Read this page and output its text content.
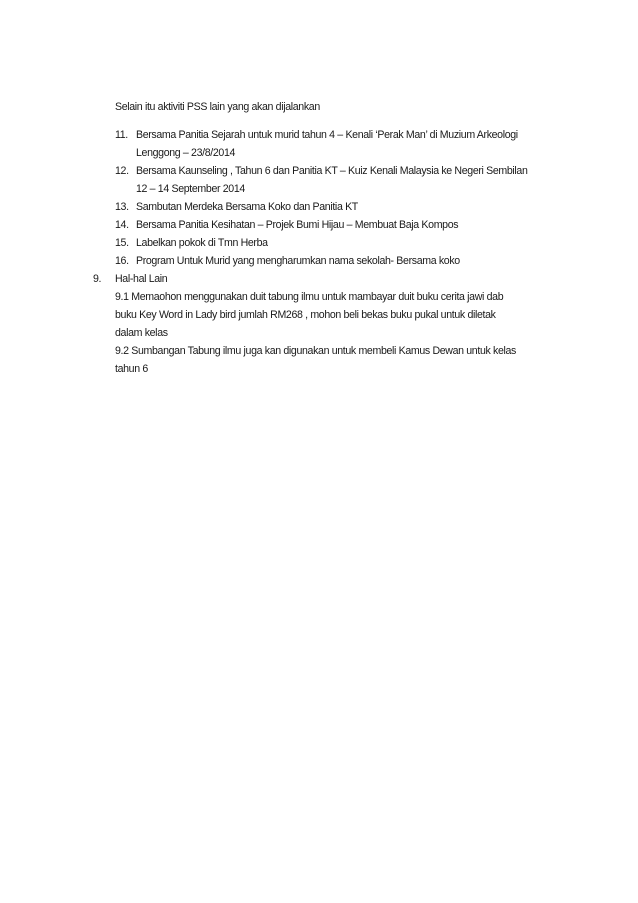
Selain itu aktiviti PSS lain yang akan dijalankan
11. Bersama Panitia Sejarah untuk murid tahun 4 – Kenali ‘Perak Man’ di Muzium Arkeologi
Lenggong – 23/8/2014
12. Bersama Kaunseling , Tahun 6 dan Panitia KT – Kuiz Kenali Malaysia ke Negeri Sembilan
12 – 14 September 2014
13. Sambutan Merdeka Bersama Koko dan Panitia KT
14. Bersama Panitia Kesihatan – Projek Bumi Hijau – Membuat Baja Kompos
15. Labelkan pokok di Tmn Herba
16. Program Untuk Murid yang mengharumkan nama sekolah- Bersama koko
9. Hal-hal Lain
9.1 Memaohon menggunakan duit tabung ilmu untuk mambayar duit buku cerita jawi dab
buku Key Word in Lady bird jumlah RM268 , mohon beli bekas buku pukal untuk diletak
dalam kelas
9.2 Sumbangan Tabung ilmu juga kan digunakan untuk membeli Kamus Dewan untuk kelas
tahun 6
